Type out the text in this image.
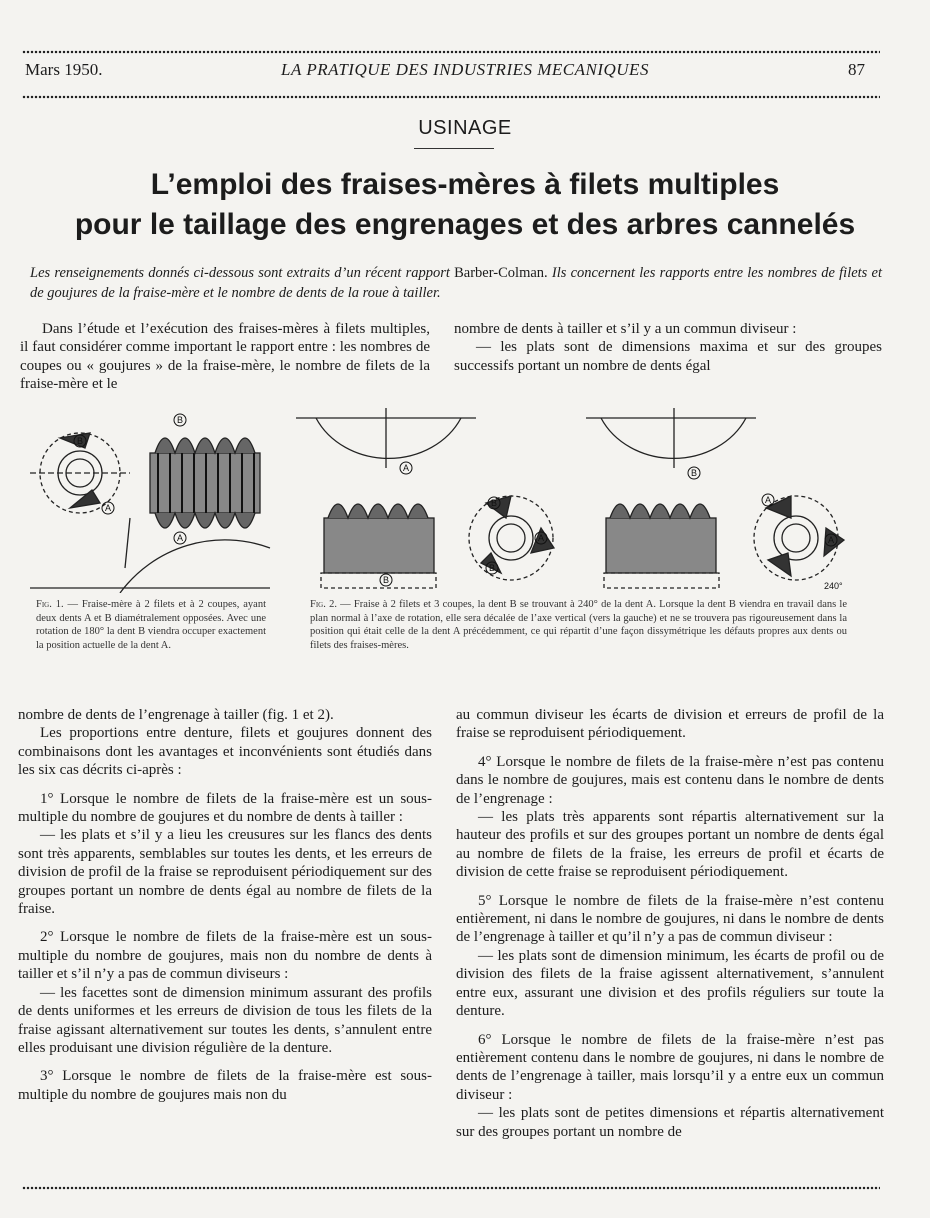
Mars 1950.	LA PRATIQUE DES INDUSTRIES MECANIQUES	87
USINAGE
L’emploi des fraises-mères à filets multiples
pour le taillage des engrenages et des arbres cannelés
Les renseignements donnés ci-dessous sont extraits d’un récent rapport Barber-Colman. Ils concernent les rapports entre les nombres de filets et de goujures de la fraise-mère et le nombre de dents de la roue à tailler.

Dans l’étude et l’exécution des fraises-mères à filets multiples, il faut considérer comme important le rapport entre : les nombres de coupes ou « goujures » de la fraise-mère, le nombre de filets de la fraise-mère et le

nombre de dents à tailler et s’il y a un commun diviseur :

— les plats sont de dimensions maxima et sur des groupes successifs portant un nombre de dents égal

B
A
B
A
Fig. 1. — Fraise-mère à 2 filets et à 2 coupes, ayant deux dents A et B diamétralement opposées. Avec une rotation de 180° la dent B viendra occuper exactement la position actuelle de la dent A.
A
B
A
B
B
A
B
A
240°
Fig. 2. — Fraise à 2 filets et 3 coupes, la dent B se trouvant à 240° de la dent A. Lorsque la dent B viendra en travail dans le plan normal à l’axe de rotation, elle sera décalée de l’axe vertical (vers la gauche) et ne se trouvera pas rigoureusement dans la position qui était celle de la dent A précédemment, ce qui répartit d’une façon dissymétrique les défauts propres aux dents ou filets des fraises-mères.

nombre de dents de l’engrenage à tailler (fig. 1 et 2).

Les proportions entre denture, filets et goujures donnent des combinaisons dont les avantages et inconvénients sont étudiés dans les six cas décrits ci-après :

1° Lorsque le nombre de filets de la fraise-mère est un sous-multiple du nombre de goujures et du nombre de dents à tailler :

— les plats et s’il y a lieu les creusures sur les flancs des dents sont très apparents, semblables sur toutes les dents, et les erreurs de division de profil de la fraise se reproduisent périodiquement sur des groupes portant un nombre de dents égal au nombre de filets de la fraise.

2° Lorsque le nombre de filets de la fraise-mère est un sous-multiple du nombre de goujures, mais non du nombre de dents à tailler et s’il n’y a pas de commun diviseurs :

— les facettes sont de dimension minimum assurant des profils de dents uniformes et les erreurs de division de tous les filets de la fraise agissant alternativement sur toutes les dents, s’annulent entre elles produisant une division régulière de la denture.

3° Lorsque le nombre de filets de la fraise-mère est sous-multiple du nombre de goujures mais non du

au commun diviseur les écarts de division et erreurs de profil de la fraise se reproduisent périodiquement.

4° Lorsque le nombre de filets de la fraise-mère n’est pas contenu dans le nombre de goujures, mais est contenu dans le nombre de dents de l’engrenage :

— les plats très apparents sont répartis alternativement sur la hauteur des profils et sur des groupes portant un nombre de dents égal au nombre de filets de la fraise, les erreurs de profil et écarts de division de cette fraise se reproduisent périodiquement.

5° Lorsque le nombre de filets de la fraise-mère n’est contenu entièrement, ni dans le nombre de goujures, ni dans le nombre de dents de l’engrenage à tailler et qu’il n’y a pas de commun diviseur :

— les plats sont de dimension minimum, les écarts de profil ou de division des filets de la fraise agissent alternativement, s’annulent entre eux, assurant une division et des profils réguliers sur toute la denture.

6° Lorsque le nombre de filets de la fraise-mère n’est pas entièrement contenu dans le nombre de goujures, ni dans le nombre de dents de l’engrenage à tailler, mais lorsqu’il y a entre eux un commun diviseur :

— les plats sont de petites dimensions et répartis alternativement sur des groupes portant un nombre de
